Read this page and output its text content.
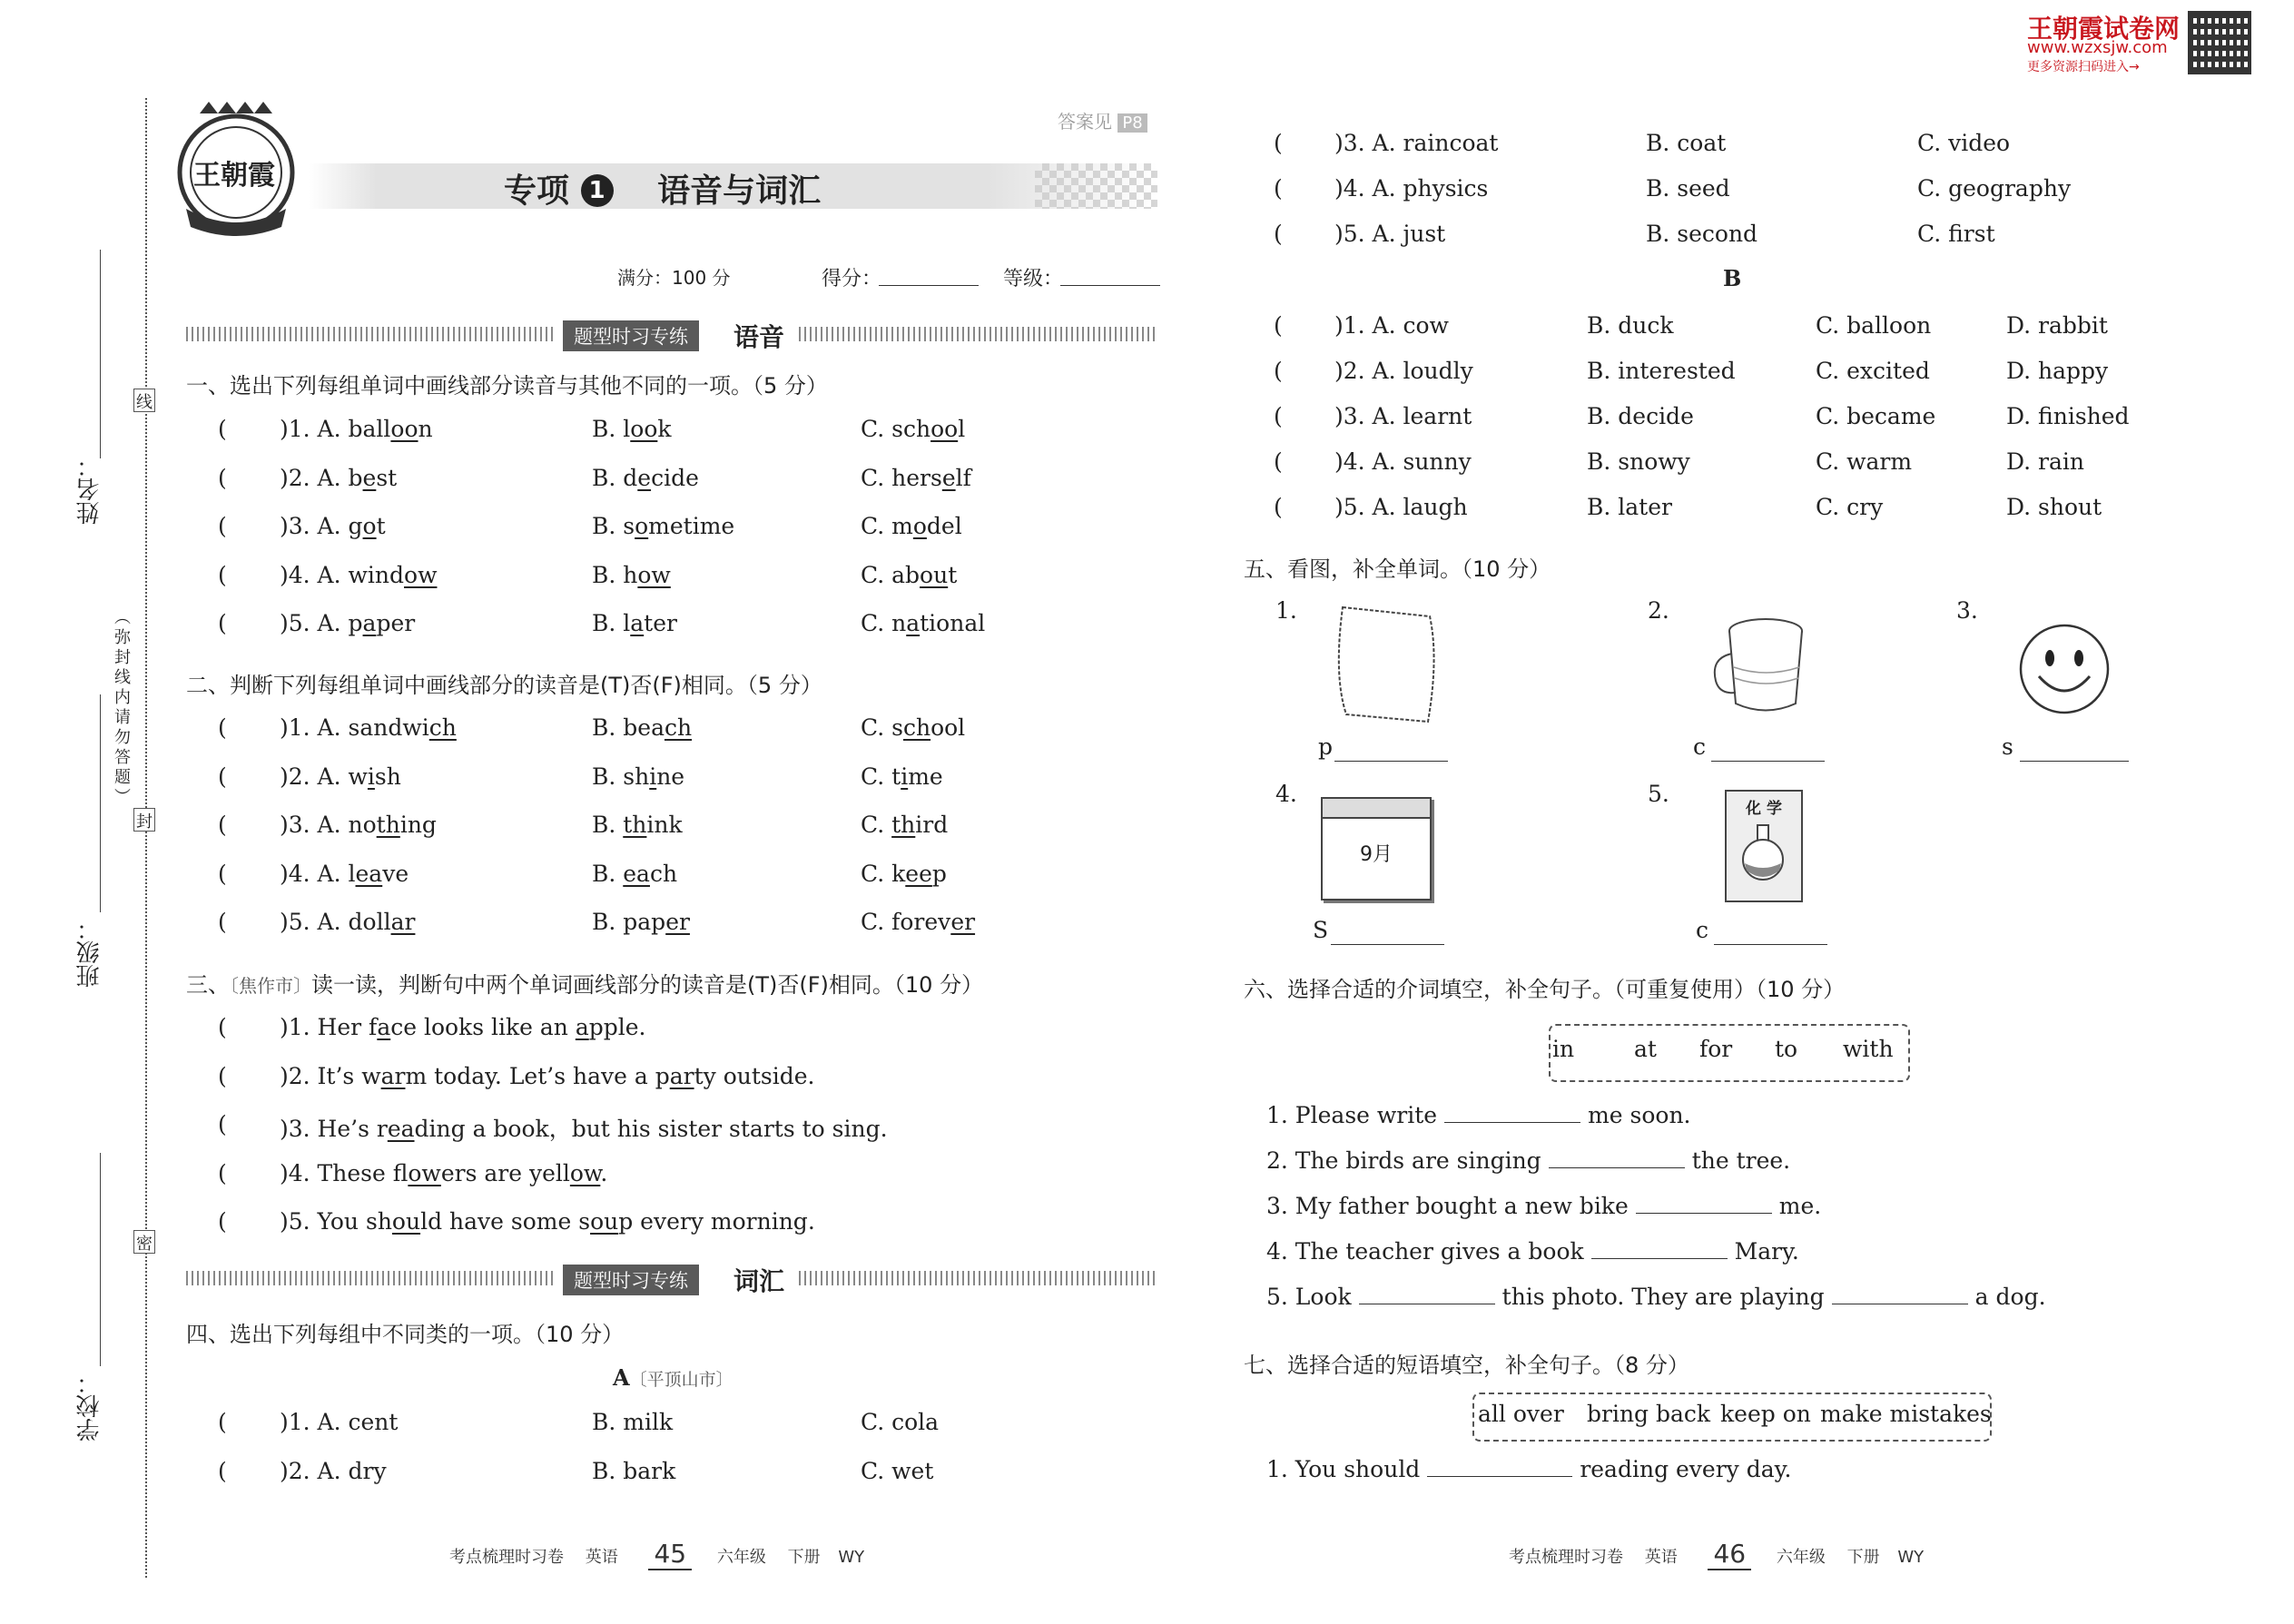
姓名：
线
（弥封线内请勿答题）
封
班级：
密
学校：
王朝霞
答案见 P8
专项 1 语音与词汇
满分：100 分	得分：	等级：
王朝霞试卷网
www.wzxsjw.com
更多资源扫码进入→
题型时习专练	语音
一、选出下列每组单词中画线部分读音与其他不同的一项。（5 分）
( )1. A. balloon	B. look	C. school
( )2. A. best	B. decide	C. herself
( )3. A. got	B. sometime	C. model
( )4. A. window	B. how	C. about
( )5. A. paper	B. later	C. national
二、判断下列每组单词中画线部分的读音是(T)否(F)相同。（5 分）
( )1. A. sandwich	B. beach	C. school
( )2. A. wish	B. shine	C. time
( )3. A. nothing	B. think	C. third
( )4. A. leave	B. each	C. keep
( )5. A. dollar	B. paper	C. forever
三、〔焦作市〕读一读，判断句中两个单词画线部分的读音是(T)否(F)相同。（10 分）
( )1. Her face looks like an apple.
( )2. It’s warm today. Let’s have a party outside.
( )3. He’s reading a book，but his sister starts to sing.
( )4. These flowers are yellow.
( )5. You should have some soup every morning.
题型时习专练	词汇
四、选出下列每组中不同类的一项。（10 分）
A〔平顶山市〕
( )1. A. cent	B. milk	C. cola
( )2. A. dry	B. bark	C. wet
考点梳理时习卷 英语 45 六年级 下册 WY
( )3. A. raincoat	B. coat	C. video
( )4. A. physics	B. seed	C. geography
( )5. A. just	B. second	C. first
B
( )1. A. cow	B. duck	C. balloon	D. rabbit
( )2. A. loudly	B. interested	C. excited	D. happy
( )3. A. learnt	B. decide	C. became	D. finished
( )4. A. sunny	B. snowy	C. warm	D. rain
( )5. A. laugh	B. later	C. cry	D. shout
五、看图，补全单词。（10 分）
1.
p
2.
c
3.
s
4.
9月
S
5.
化 学
c
六、选择合适的介词填空，补全句子。（可重复使用）（10 分）
in	at for to with
1. Please write	me soon.
2. The birds are singing	the tree.
3. My father bought a new bike	me.
4. The teacher gives a book	Mary.
5. Look	this photo. They are playing	a dog.
七、选择合适的短语填空，补全句子。（8 分）
all over bring back keep on make mistakes
1. You should	reading every day.
考点梳理时习卷 英语 46 六年级 下册 WY
